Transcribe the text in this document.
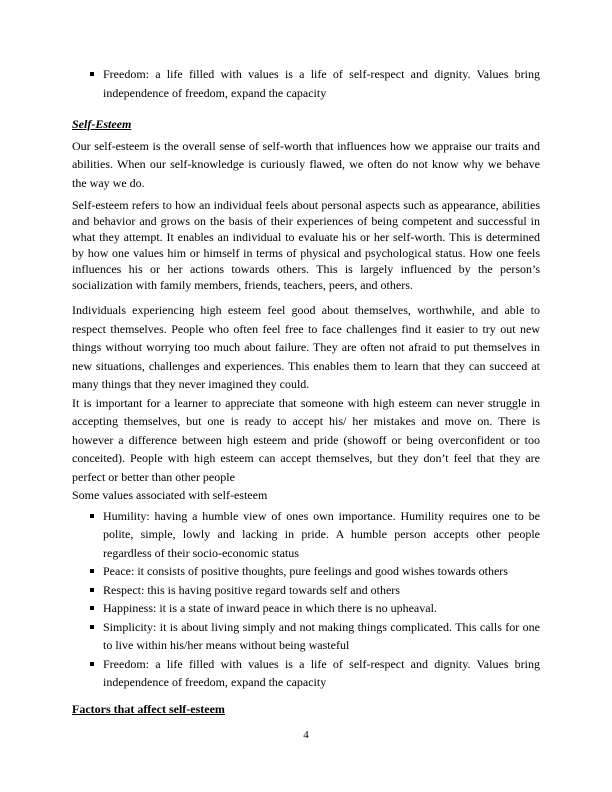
Freedom: a life filled with values is a life of self-respect and dignity. Values bring independence of freedom, expand the capacity
Self-Esteem

Our self-esteem is the overall sense of self-worth that influences how we appraise our traits and abilities. When our self-knowledge is curiously flawed, we often do not know why we behave the way we do.

Self-esteem refers to how an individual feels about personal aspects such as appearance, abilities and behavior and grows on the basis of their experiences of being competent and successful in what they attempt. It enables an individual to evaluate his or her self-worth. This is determined by how one values him or himself in terms of physical and psychological status. How one feels influences his or her actions towards others. This is largely influenced by the person’s socialization with family members, friends, teachers, peers, and others.

Individuals experiencing high esteem feel good about themselves, worthwhile, and able to respect themselves. People who often feel free to face challenges find it easier to try out new things without worrying too much about failure. They are often not afraid to put themselves in new situations, challenges and experiences. This enables them to learn that they can succeed at many things that they never imagined they could.

It is important for a learner to appreciate that someone with high esteem can never struggle in accepting themselves, but one is ready to accept his/ her mistakes and move on. There is however a difference between high esteem and pride (showoff or being overconfident or too conceited). People with high esteem can accept themselves, but they don’t feel that they are perfect or better than other people

Some values associated with self-esteem

Humility: having a humble view of ones own importance. Humility requires one to be polite, simple, lowly and lacking in pride. A humble person accepts other people regardless of their socio-economic status
Peace: it consists of positive thoughts, pure feelings and good wishes towards others
Respect: this is having positive regard towards self and others
Happiness: it is a state of inward peace in which there is no upheaval.
Simplicity: it is about living simply and not making things complicated. This calls for one to live within his/her means without being wasteful
Freedom: a life filled with values is a life of self-respect and dignity. Values bring independence of freedom, expand the capacity
Factors that affect self-esteem
4
